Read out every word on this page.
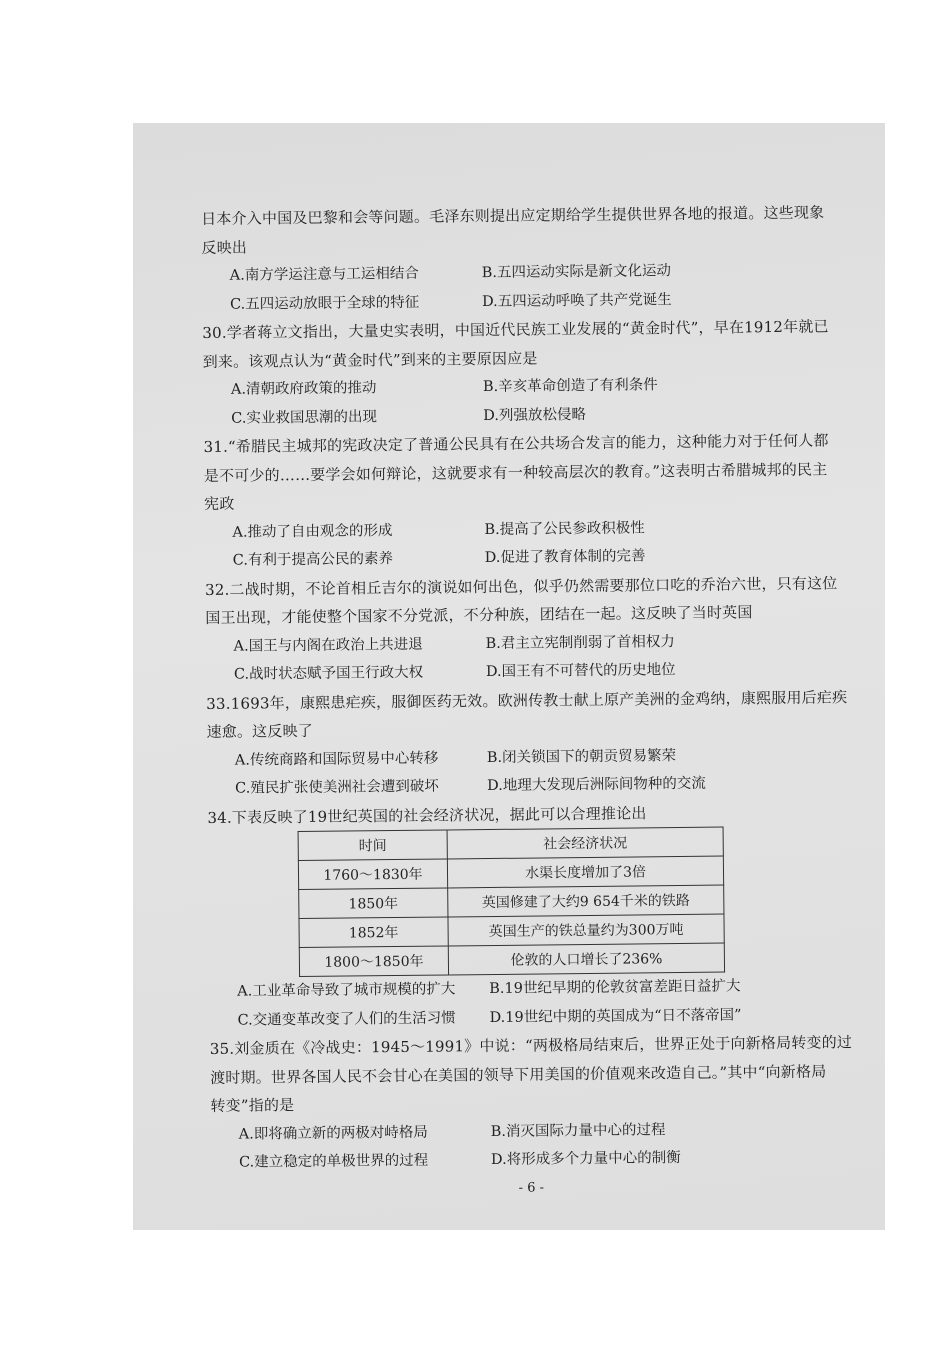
日本介入中国及巴黎和会等问题。毛泽东则提出应定期给学生提供世界各地的报道。这些现象
反映出
A.南方学运注意与工运相结合	B.五四运动实际是新文化运动
C.五四运动放眼于全球的特征	D.五四运动呼唤了共产党诞生
30.学者蒋立文指出，大量史实表明，中国近代民族工业发展的“黄金时代”，早在1912年就已
到来。该观点认为“黄金时代”到来的主要原因应是
A.清朝政府政策的推动	B.辛亥革命创造了有利条件
C.实业救国思潮的出现	D.列强放松侵略
31.“希腊民主城邦的宪政决定了普通公民具有在公共场合发言的能力，这种能力对于任何人都
是不可少的……要学会如何辩论，这就要求有一种较高层次的教育。”这表明古希腊城邦的民主
宪政
A.推动了自由观念的形成	B.提高了公民参政积极性
C.有利于提高公民的素养	D.促进了教育体制的完善
32.二战时期，不论首相丘吉尔的演说如何出色，似乎仍然需要那位口吃的乔治六世，只有这位
国王出现，才能使整个国家不分党派，不分种族，团结在一起。这反映了当时英国
A.国王与内阁在政治上共进退	B.君主立宪制削弱了首相权力
C.战时状态赋予国王行政大权	D.国王有不可替代的历史地位
33.1693年，康熙患疟疾，服御医药无效。欧洲传教士献上原产美洲的金鸡纳，康熙服用后疟疾
速愈。这反映了
A.传统商路和国际贸易中心转移	B.闭关锁国下的朝贡贸易繁荣
C.殖民扩张使美洲社会遭到破坏	D.地理大发现后洲际间物种的交流
34.下表反映了19世纪英国的社会经济状况，据此可以合理推论出
时间	社会经济状况
1760～1830年	水渠长度增加了3倍
1850年	英国修建了大约9 654千米的铁路
1852年	英国生产的铁总量约为300万吨
1800～1850年	伦敦的人口增长了236%
A.工业革命导致了城市规模的扩大 B.19世纪早期的伦敦贫富差距日益扩大
C.交通变革改变了人们的生活习惯 D.19世纪中期的英国成为“日不落帝国”
35.刘金质在《冷战史：1945～1991》中说：“两极格局结束后，世界正处于向新格局转变的过
渡时期。世界各国人民不会甘心在美国的领导下用美国的价值观来改造自己。”其中“向新格局
转变”指的是
A.即将确立新的两极对峙格局	B.消灭国际力量中心的过程
C.建立稳定的单极世界的过程	D.将形成多个力量中心的制衡
- 6 -
